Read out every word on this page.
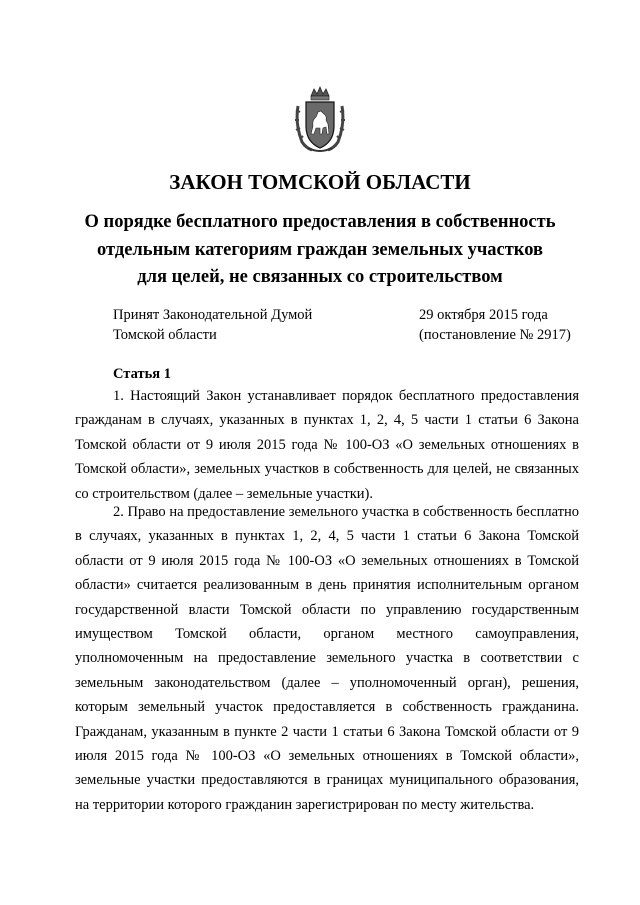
ЗАКОН ТОМСКОЙ ОБЛАСТИ
О порядке бесплатного предоставления в собственность
отдельным категориям граждан земельных участков
для целей, не связанных со строительством
Принят Законодательной Думой
Томской области
29 октября 2015 года
(постановление № 2917)
Статья 1

1. Настоящий Закон устанавливает порядок бесплатного предоставления гражданам в случаях, указанных в пунктах 1, 2, 4, 5 части 1 статьи 6 Закона Томской области от 9 июля 2015 года № 100-ОЗ «О земельных отношениях в Томской области», земельных участков в собственность для целей, не связанных со строительством (далее – земельные участки).

2. Право на предоставление земельного участка в собственность бесплатно в случаях, указанных в пунктах 1, 2, 4, 5 части 1 статьи 6 Закона Томской области от 9 июля 2015 года № 100-ОЗ «О земельных отношениях в Томской области» считается реализованным в день принятия исполнительным органом государственной власти Томской области по управлению государственным имуществом Томской области, органом местного самоуправления, уполномоченным на предоставление земельного участка в соответствии с земельным законодательством (далее – уполномоченный орган), решения, которым земельный участок предоставляется в собственность гражданина. Гражданам, указанным в пункте 2 части 1 статьи 6 Закона Томской области от 9 июля 2015 года № 100-ОЗ «О земельных отношениях в Томской области», земельные участки предоставляются в границах муниципального образования, на территории которого гражданин зарегистрирован по месту жительства.
